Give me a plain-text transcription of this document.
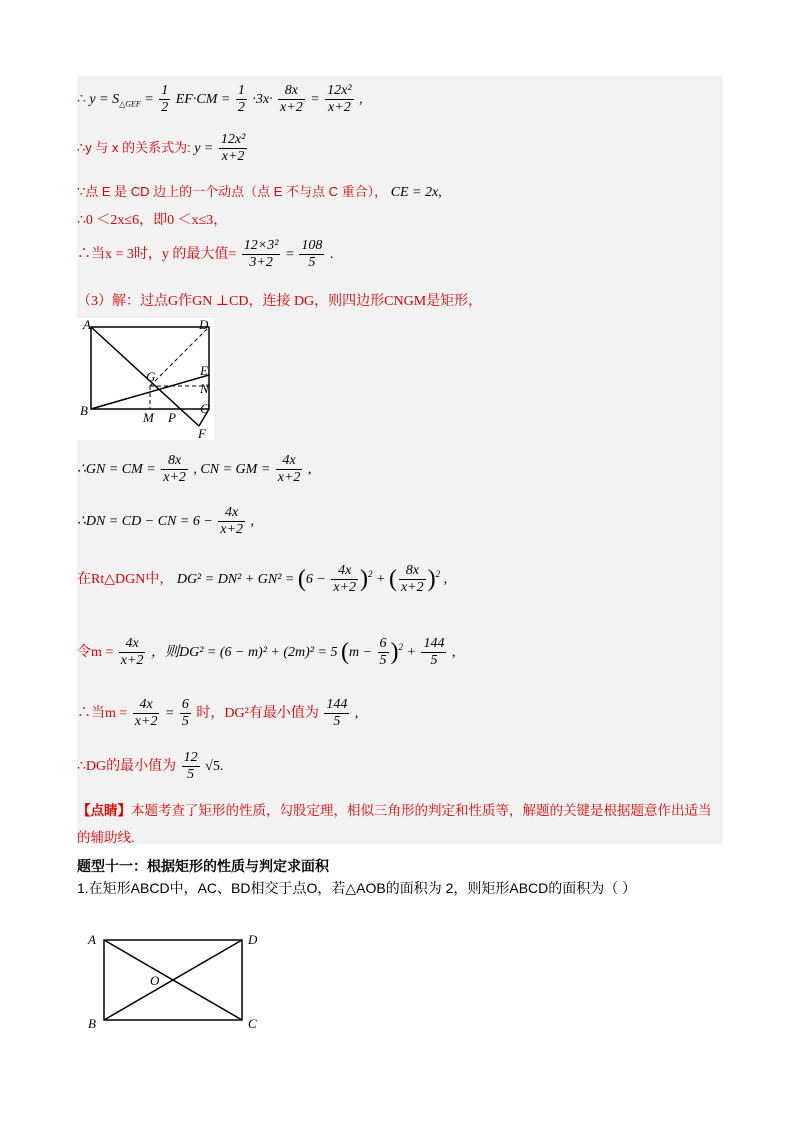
∴ $y = S_{\triangle GEF} = \frac{1}{2} EF\cdot CM = \frac{1}{2} \cdot 3x\cdot \frac{8x}{x+2} = \frac{\text{12x²}}{x+2}$ ,
∴y 与 x 的关系式为: $y = \frac{\text{12x²}}{x+2}$
∵点 E 是 CD 边上的一个动点（点 E 不与点 C 重合）， CE = 2x,
∴0 ＜2x≤6，即0 ＜x≤3，
∴当x = 3时，y 的最大值= $\frac{\text{12×3²}}{3+2} = \frac{108}{5}$ .
（3）解：过点G作GN ⊥CD，连接 DG，则四边形CNGM是矩形，
A	D
B	C
E
N
G
M P
F
∴GN = CM = $\frac{8x}{x+2}$ , CN = GM = $\frac{4x}{x+2}$ ,
∴DN = CD − CN = $6 - \frac{4x}{x+2}$ ,
在Rt△DGN中， $DG^2 = DN^2 + GN^2 = (6 - \frac{4x}{x+2} )^2$ + ( $\frac{8x}{x+2} )^2$ ,
令$m = \frac{4x}{x+2}$ ，则DG² = (6 − m)² + (2m)² = 5 $(m - \frac{6}{5} )^2 + \frac{144}{5}$ ,
∴当$m = \frac{4x}{x+2} = \frac{6}{5}$ 时，DG²有最小值为 $\frac{144}{5}$ ,
∴DG的最小值为 $\frac{12}{5} √5$.
【点睛】本题考查了矩形的性质，勾股定理，相似三角形的判定和性质等，解题的关键是根据题意作出适当的辅助线.
题型十一：根据矩形的性质与判定求面积
1.在矩形ABCD中，AC、BD相交于点O，若△AOB的面积为 2，则矩形ABCD的面积为（ ）
A	D
B	C
O
